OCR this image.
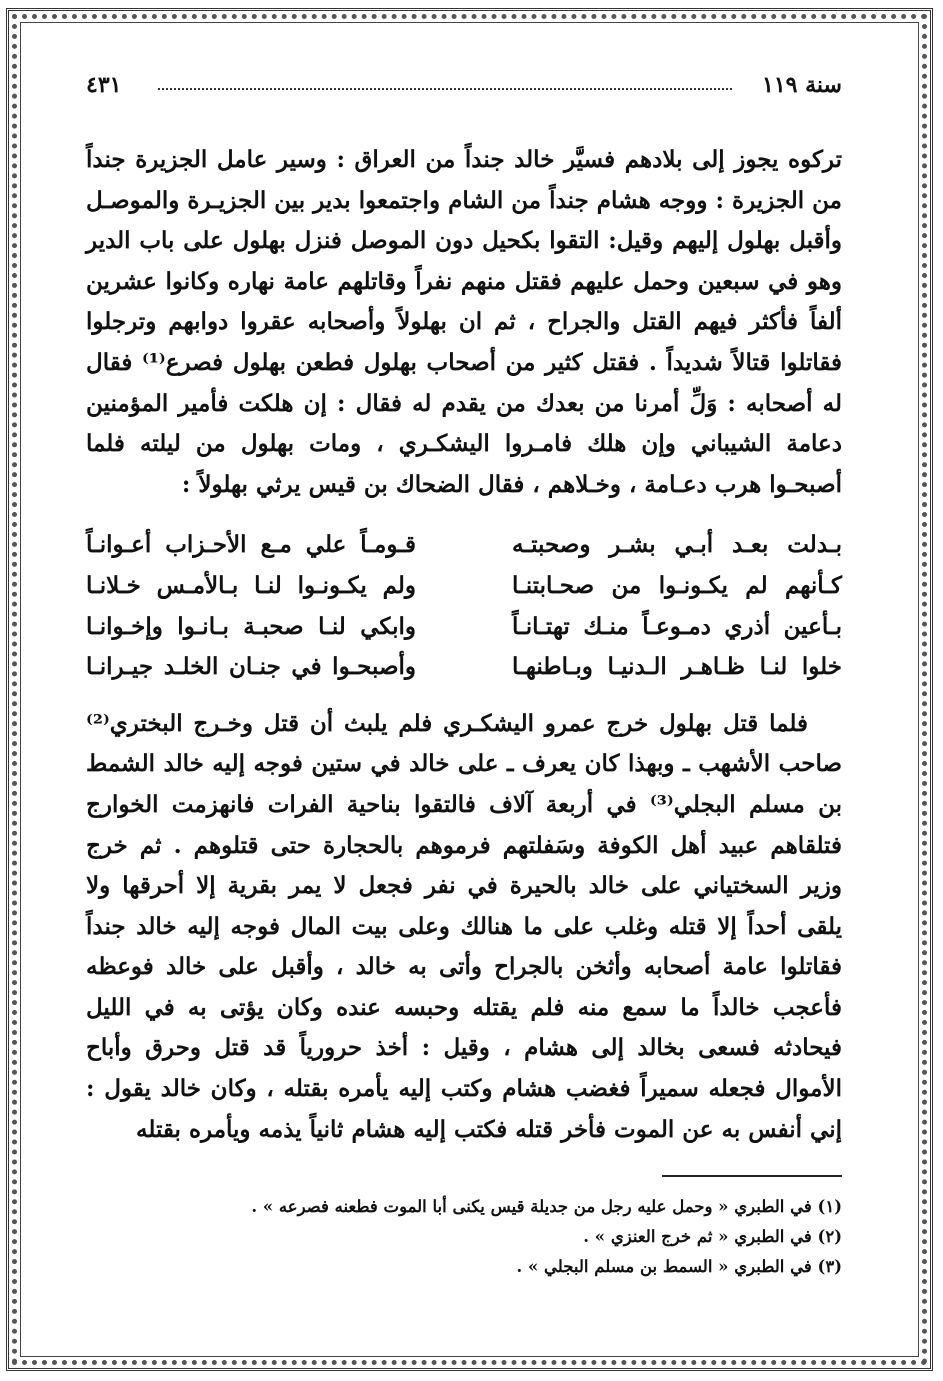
سنة ١١٩
٤٣١

تركوه يجوز إلى بلادهم فسيَّر خالد جنداً من العراق : وسير عامل الجزيرة جنداً من الجزيرة : ووجه هشام جنداً من الشام واجتمعوا بدير بين الجزيـرة والموصـل وأقبل بهلول إليهم وقيل: التقوا بكحيل دون الموصل فنزل بهلول على باب الدير وهو في سبعين وحمل عليهم فقتل منهم نفراً وقاتلهم عامة نهاره وكانوا عشرين ألفاً فأكثر فيهم القتل والجراح ، ثم ان بهلولاً وأصحابه عقروا دوابهم وترجلوا فقاتلوا قتالاً شديداً . فقتل كثير من أصحاب بهلول فطعن بهلول فصرع⁽¹⁾ فقال له أصحابه : وَلِّ أمرنا من بعدك من يقدم له فقال : إن هلكت فأمير المؤمنين دعامة الشيباني وإن هلك فامـروا اليشكـري ، ومات بهلول من ليلته فلما أصبحـوا هرب دعـامة ، وخـلاهم ، فقال الضحاك بن قيس يرثي بهلولاً :

بـدلت بعـد أبـي بشـر وصحبتـه
قـومـاً علي مـع الأحـزاب أعـوانـاً
كـأنهم لم يكـونـوا من صحـابتنـا
ولم يكـونـوا لنـا بـالأمـس خـلانـا
بـأعين أذري دمـوعـاً منـك تهتـانـاً
وابكي لنـا صحبـة بـانـوا وإخـوانـا
خلوا لنـا ظـاهـر الـدنيـا وبـاطنهـا
وأصبحـوا في جنـان الخلـد جيـرانـا

فلما قتل بهلول خرج عمرو اليشكـري فلم يلبث أن قتل وخـرج البختري⁽²⁾ صاحب الأشهب ـ وبهذا كان يعرف ـ على خالد في ستين فوجه إليه خالد الشمط بن مسلم البجلي⁽³⁾ في أربعة آلاف فالتقوا بناحية الفرات فانهزمت الخوارج فتلقاهم عبيد أهل الكوفة وسَفلتهم فرموهم بالحجارة حتى قتلوهم . ثم خرج وزير السختياني على خالد بالحيرة في نفر فجعل لا يمر بقرية إلا أحرقها ولا يلقى أحداً إلا قتله وغلب على ما هنالك وعلى بيت المال فوجه إليه خالد جنداً فقاتلوا عامة أصحابه وأثخن بالجراح وأتى به خالد ، وأقبل على خالد فوعظه فأعجب خالداً ما سمع منه فلم يقتله وحبسه عنده وكان يؤتى به في الليل فيحادثه فسعى بخالد إلى هشام ، وقيل : أخذ حرورياً قد قتل وحرق وأباح الأموال فجعله سميراً فغضب هشام وكتب إليه يأمره بقتله ، وكان خالد يقول : إني أنفس به عن الموت فأخر قتله فكتب إليه هشام ثانياً يذمه ويأمره بقتله

(١) في الطبري « وحمل عليه رجل من جديلة قيس يكنى أبا الموت فطعنه فصرعه » .

(٢) في الطبري « ثم خرج العنزي » .

(٣) في الطبري « السمط بن مسلم البجلي » .
